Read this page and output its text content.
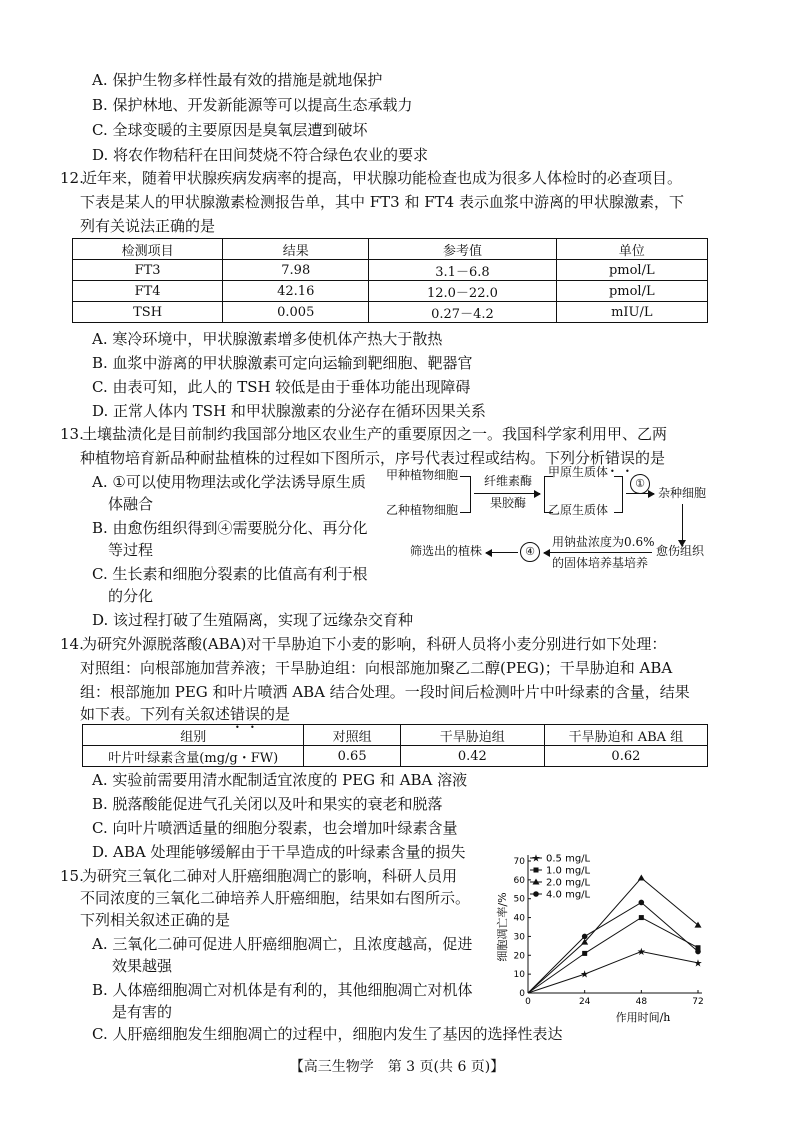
A. 保护生物多样性最有效的措施是就地保护
B. 保护林地、开发新能源等可以提高生态承载力
C. 全球变暖的主要原因是臭氧层遭到破坏
D. 将农作物秸秆在田间焚烧不符合绿色农业的要求
12.
近年来，随着甲状腺疾病发病率的提高，甲状腺功能检查也成为很多人体检时的必查项目。
下表是某人的甲状腺激素检测报告单，其中 FT3 和 FT4 表示血浆中游离的甲状腺激素，下
列有关说法正确的是
检测项目	结果	参考值	单位
FT3	7.98	3.1－6.8	pmol/L
FT4	42.16	12.0－22.0	pmol/L
TSH	0.005	0.27－4.2	mIU/L
A. 寒冷环境中，甲状腺激素增多使机体产热大于散热
B. 血浆中游离的甲状腺激素可定向运输到靶细胞、靶器官
C. 由表可知，此人的 TSH 较低是由于垂体功能出现障碍
D. 正常人体内 TSH 和甲状腺激素的分泌存在循环因果关系
13.
土壤盐渍化是目前制约我国部分地区农业生产的重要原因之一。我国科学家利用甲、乙两
种植物培育新品种耐盐植株的过程如下图所示，序号代表过程或结构。下列分析错误的是
A. ①可以使用物理法或化学法诱导原生质
体融合
B. 由愈伤组织得到④需要脱分化、再分化
等过程
C. 生长素和细胞分裂素的比值高有利于根
的分化
D. 该过程打破了生殖隔离，实现了远缘杂交育种
甲种植物细胞
乙种植物细胞
纤维素酶
果胶酶
甲原生质体
乙原生质体
①
杂种细胞
愈伤组织
用钠盐浓度为0.6%
的固体培养基培养
④
筛选出的植株
14.
为研究外源脱落酸(ABA)对干旱胁迫下小麦的影响，科研人员将小麦分别进行如下处理：
对照组：向根部施加营养液；干旱胁迫组：向根部施加聚乙二醇(PEG)；干旱胁迫和 ABA
组：根部施加 PEG 和叶片喷洒 ABA 结合处理。一段时间后检测叶片中叶绿素的含量，结果
如下表。下列有关叙述错误的是
组别	对照组	干旱胁迫组	干旱胁迫和 ABA 组
叶片叶绿素含量(mg/g・FW)	0.65	0.42	0.62
A. 实验前需要用清水配制适宜浓度的 PEG 和 ABA 溶液
B. 脱落酸能促进气孔关闭以及叶和果实的衰老和脱落
C. 向叶片喷洒适量的细胞分裂素，也会增加叶绿素含量
D. ABA 处理能够缓解由于干旱造成的叶绿素含量的损失
15.
为研究三氧化二砷对人肝癌细胞凋亡的影响，科研人员用
不同浓度的三氧化二砷培养人肝癌细胞，结果如右图所示。
下列相关叙述正确的是
A. 三氧化二砷可促进人肝癌细胞凋亡，且浓度越高，促进
效果越强
B. 人体癌细胞凋亡对机体是有利的，其他细胞凋亡对机体
是有害的
C. 人肝癌细胞发生细胞凋亡的过程中，细胞内发生了基因的选择性表达
0
10
20
30
40
50
60
70
0	24	48	72
作用时间/h
细胞凋亡率/%
★
★
★
★ 0.5 mg/L
1.0 mg/L
2.0 mg/L
4.0 mg/L
【高三生物学　第 3 页(共 6 页)】
